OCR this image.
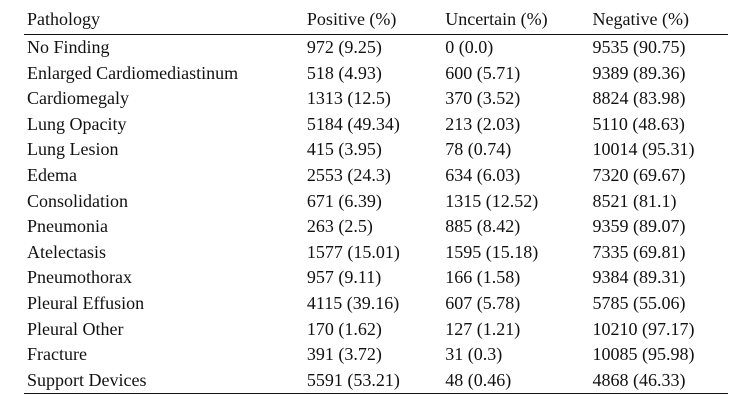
Pathology	Positive (%)	Uncertain (%)	Negative (%)
No Finding	972 (9.25)	0 (0.0)	9535 (90.75)
Enlarged Cardiomediastinum	518 (4.93)	600 (5.71)	9389 (89.36)
Cardiomegaly	1313 (12.5)	370 (3.52)	8824 (83.98)
Lung Opacity	5184 (49.34)	213 (2.03)	5110 (48.63)
Lung Lesion	415 (3.95)	78 (0.74)	10014 (95.31)
Edema	2553 (24.3)	634 (6.03)	7320 (69.67)
Consolidation	671 (6.39)	1315 (12.52)	8521 (81.1)
Pneumonia	263 (2.5)	885 (8.42)	9359 (89.07)
Atelectasis	1577 (15.01)	1595 (15.18)	7335 (69.81)
Pneumothorax	957 (9.11)	166 (1.58)	9384 (89.31)
Pleural Effusion	4115 (39.16)	607 (5.78)	5785 (55.06)
Pleural Other	170 (1.62)	127 (1.21)	10210 (97.17)
Fracture	391 (3.72)	31 (0.3)	10085 (95.98)
Support Devices	5591 (53.21)	48 (0.46)	4868 (46.33)
